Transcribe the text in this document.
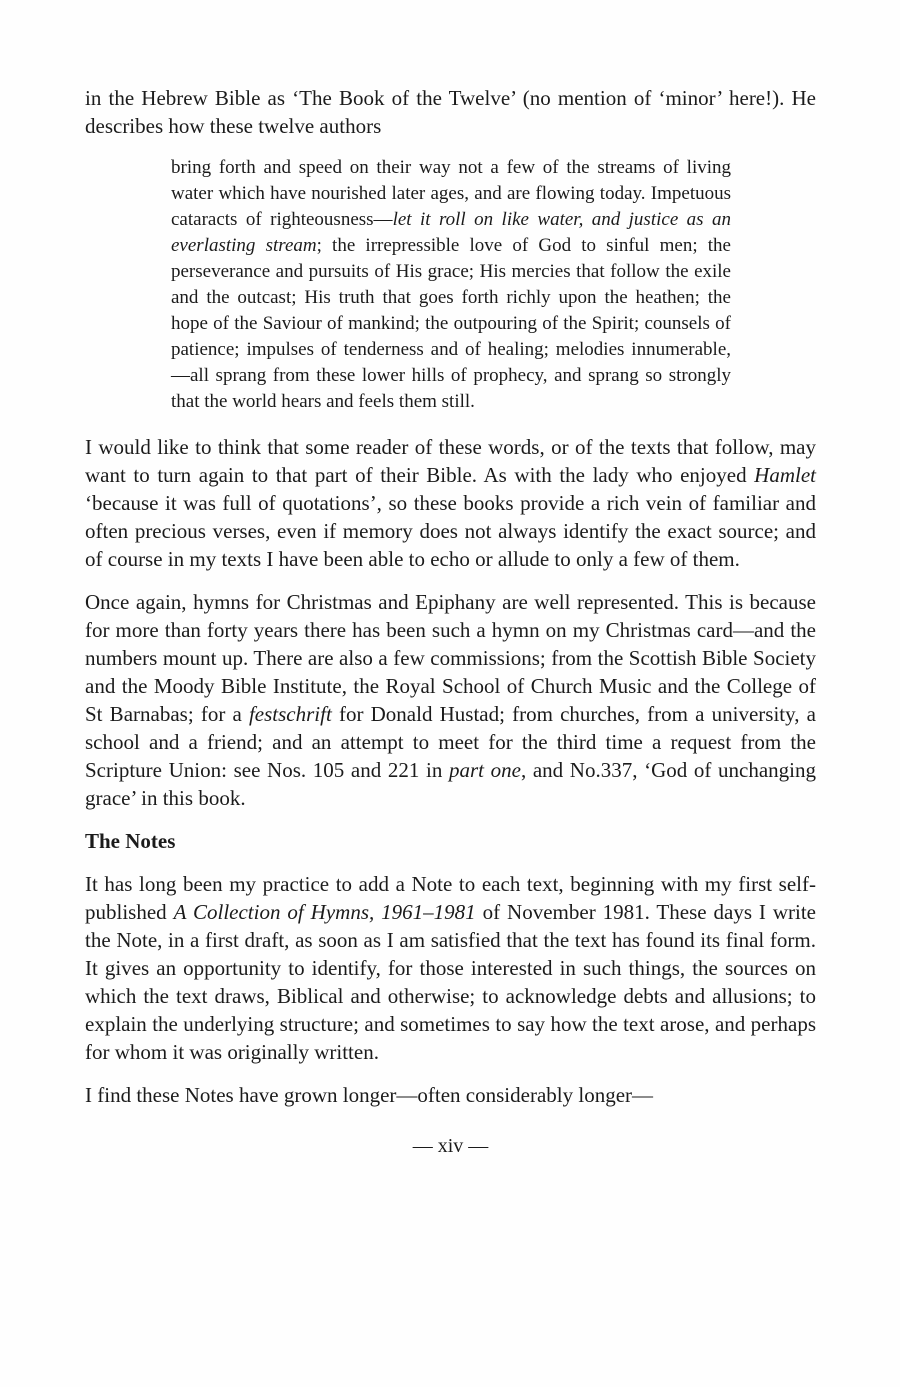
in the Hebrew Bible as ‘The Book of the Twelve’ (no mention of ‘minor’ here!). He describes how these twelve authors

bring forth and speed on their way not a few of the streams of living water which have nourished later ages, and are flowing today. Impetuous cataracts of righteousness—let it roll on like water, and justice as an everlasting stream; the irrepressible love of God to sinful men; the perseverance and pursuits of His grace; His mercies that follow the exile and the outcast; His truth that goes forth richly upon the heathen; the hope of the Saviour of mankind; the outpouring of the Spirit; counsels of patience; impulses of tenderness and of healing; melodies innumerable,—all sprang from these lower hills of prophecy, and sprang so strongly that the world hears and feels them still.

I would like to think that some reader of these words, or of the texts that follow, may want to turn again to that part of their Bible. As with the lady who enjoyed Hamlet ‘because it was full of quotations’, so these books provide a rich vein of familiar and often precious verses, even if memory does not always identify the exact source; and of course in my texts I have been able to echo or allude to only a few of them.

Once again, hymns for Christmas and Epiphany are well represented. This is because for more than forty years there has been such a hymn on my Christmas card—and the numbers mount up. There are also a few commissions; from the Scottish Bible Society and the Moody Bible Institute, the Royal School of Church Music and the College of St Barnabas; for a festschrift for Donald Hustad; from churches, from a university, a school and a friend; and an attempt to meet for the third time a request from the Scripture Union: see Nos. 105 and 221 in part one, and No.337, ‘God of unchanging grace’ in this book.

The Notes

It has long been my practice to add a Note to each text, beginning with my first self-published A Collection of Hymns, 1961–1981 of November 1981. These days I write the Note, in a first draft, as soon as I am satisfied that the text has found its final form. It gives an opportunity to identify, for those interested in such things, the sources on which the text draws, Biblical and otherwise; to acknowledge debts and allusions; to explain the underlying structure; and sometimes to say how the text arose, and perhaps for whom it was originally written.

I find these Notes have grown longer—often considerably longer—

— xiv —
